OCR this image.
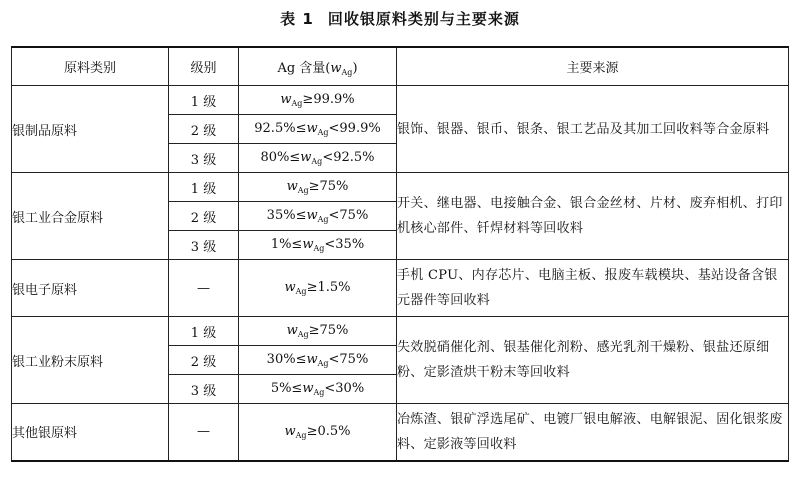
表 1 回收银原料类别与主要来源
原料类别	级别	Ag 含量$(w_{Ag})$	主要来源
银制品原料	1 级	$w_{Ag}\ge 99.9\%$	银饰、银器、银币、银条、银工艺品及其加工回收料等合金原料
	2 级	$92.5\%\le w_{Ag}<99.9\%$	
	3 级	$80\%\le w_{Ag}<92.5\%$	
银工业合金原料	1 级	$w_{Ag}\ge 75\%$	开关、继电器、电接触合金、银合金丝材、片材、废弃相机、打印机核心部件、钎焊材料等回收料
	2 级	$35\%\le w_{Ag}<75\%$	
	3 级	$1\%\le w_{Ag}<35\%$	
银电子原料	—	$w_{Ag}\ge 1.5\%$	手机 CPU、内存芯片、电脑主板、报废车载模块、基站设备含银元器件等回收料
银工业粉末原料	1 级	$w_{Ag}\ge 75\%$	失效脱硝催化剂、银基催化剂粉、感光乳剂干燥粉、银盐还原细粉、定影渣烘干粉末等回收料
	2 级	$30\%\le w_{Ag}<75\%$	
	3 级	$5\%\le w_{Ag}<30\%$	
其他银原料	—	$w_{Ag}\ge 0.5\%$	冶炼渣、银矿浮选尾矿、电镀厂银电解液、电解银泥、固化银浆废料、定影液等回收料
